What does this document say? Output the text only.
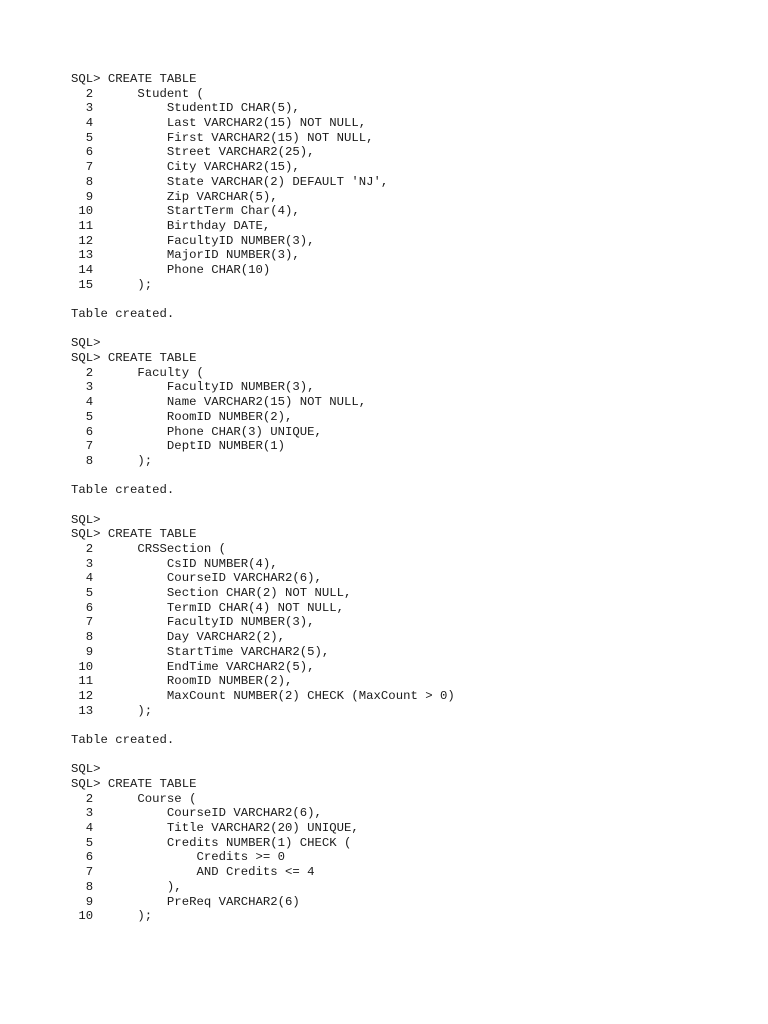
SQL> CREATE TABLE
2      Student (
3          StudentID CHAR(5),
4          Last VARCHAR2(15) NOT NULL,
5          First VARCHAR2(15) NOT NULL,
6          Street VARCHAR2(25),
7          City VARCHAR2(15),
8          State VARCHAR(2) DEFAULT 'NJ',
9          Zip VARCHAR(5),
10          StartTerm Char(4),
11          Birthday DATE,
12          FacultyID NUMBER(3),
13          MajorID NUMBER(3),
14          Phone CHAR(10)
15      );
Table created.
SQL>
SQL> CREATE TABLE
2      Faculty (
3          FacultyID NUMBER(3),
4          Name VARCHAR2(15) NOT NULL,
5          RoomID NUMBER(2),
6          Phone CHAR(3) UNIQUE,
7          DeptID NUMBER(1)
8      );
Table created.
SQL>
SQL> CREATE TABLE
2      CRSSection (
3          CsID NUMBER(4),
4          CourseID VARCHAR2(6),
5          Section CHAR(2) NOT NULL,
6          TermID CHAR(4) NOT NULL,
7          FacultyID NUMBER(3),
8          Day VARCHAR2(2),
9          StartTime VARCHAR2(5),
10          EndTime VARCHAR2(5),
11          RoomID NUMBER(2),
12          MaxCount NUMBER(2) CHECK (MaxCount > 0)
13      );
Table created.
SQL>
SQL> CREATE TABLE
2      Course (
3          CourseID VARCHAR2(6),
4          Title VARCHAR2(20) UNIQUE,
5          Credits NUMBER(1) CHECK (
6              Credits >= 0
7              AND Credits <= 4
8          ),
9          PreReq VARCHAR2(6)
10      );
